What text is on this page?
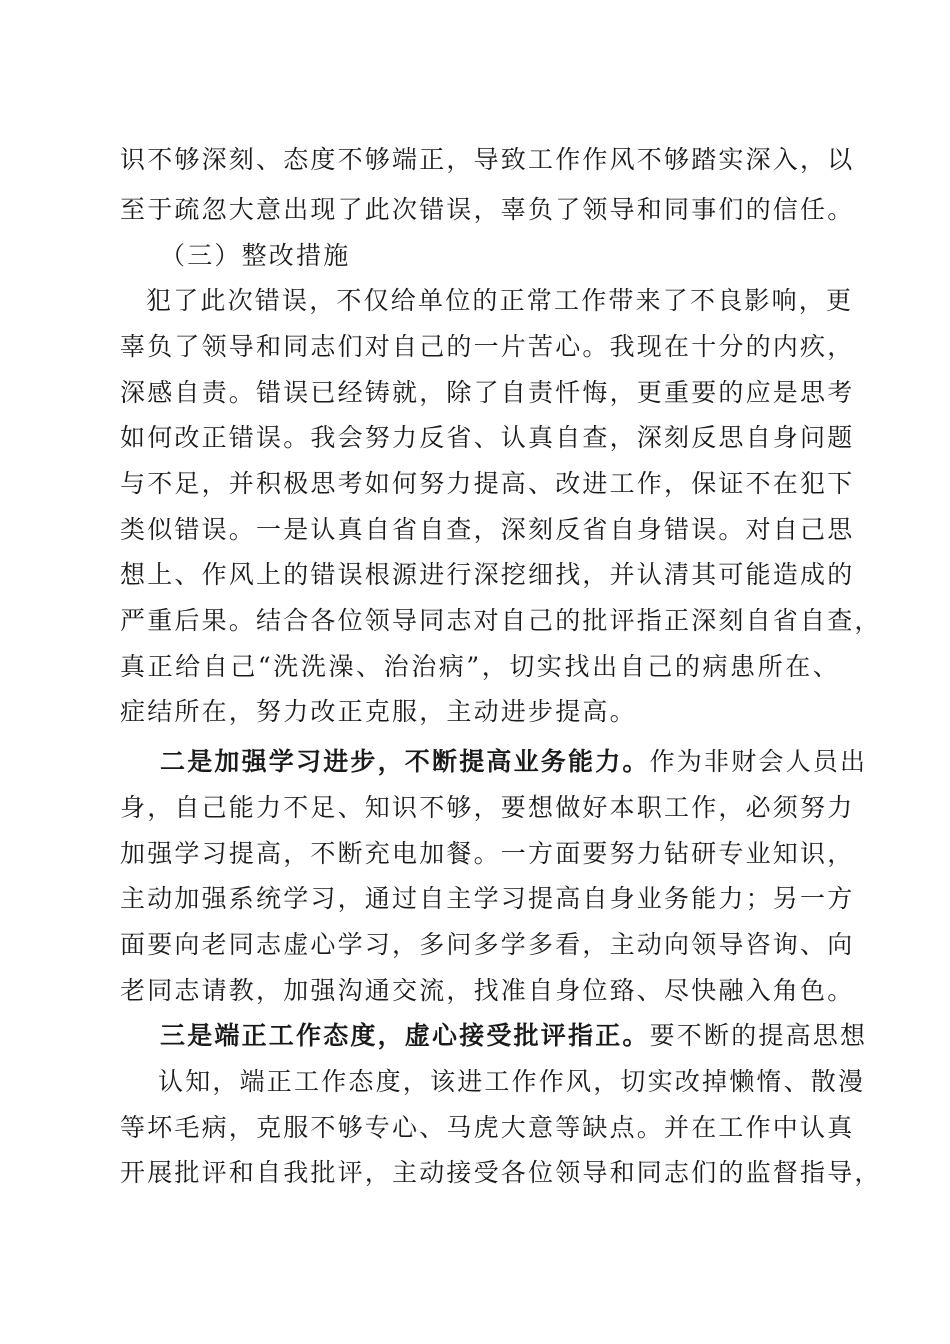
识不够深刻、态度不够端正，导致工作作风不够踏实深入，以
至于疏忽大意出现了此次错误，辜负了领导和同事们的信任。
（三）整改措施
犯了此次错误，不仅给单位的正常工作带来了不良影响，更
辜负了领导和同志们对自己的一片苦心。我现在十分的内疚，
深感自责。错误已经铸就，除了自责忏悔，更重要的应是思考
如何改正错误。我会努力反省、认真自查，深刻反思自身问题
与不足，并积极思考如何努力提高、改进工作，保证不在犯下
类似错误。一是认真自省自查，深刻反省自身错误。对自己思
想上、作风上的错误根源进行深挖细找，并认清其可能造成的
严重后果。结合各位领导同志对自己的批评指正深刻自省自查，
真正给自己“洗洗澡、治治病”，切实找出自己的病患所在、
症结所在，努力改正克服，主动进步提高。
二是加强学习进步，不断提高业务能力。作为非财会人员出
身，自己能力不足、知识不够，要想做好本职工作，必须努力
加强学习提高，不断充电加餐。一方面要努力钻研专业知识，
主动加强系统学习，通过自主学习提高自身业务能力；另一方
面要向老同志虚心学习，多问多学多看，主动向领导咨询、向
老同志请教，加强沟通交流，找准自身位臵、尽快融入角色。
三是端正工作态度，虚心接受批评指正。要不断的提高思想
认知，端正工作态度，该进工作作风，切实改掉懒惰、散漫
等坏毛病，克服不够专心、马虎大意等缺点。并在工作中认真
开展批评和自我批评，主动接受各位领导和同志们的监督指导，
